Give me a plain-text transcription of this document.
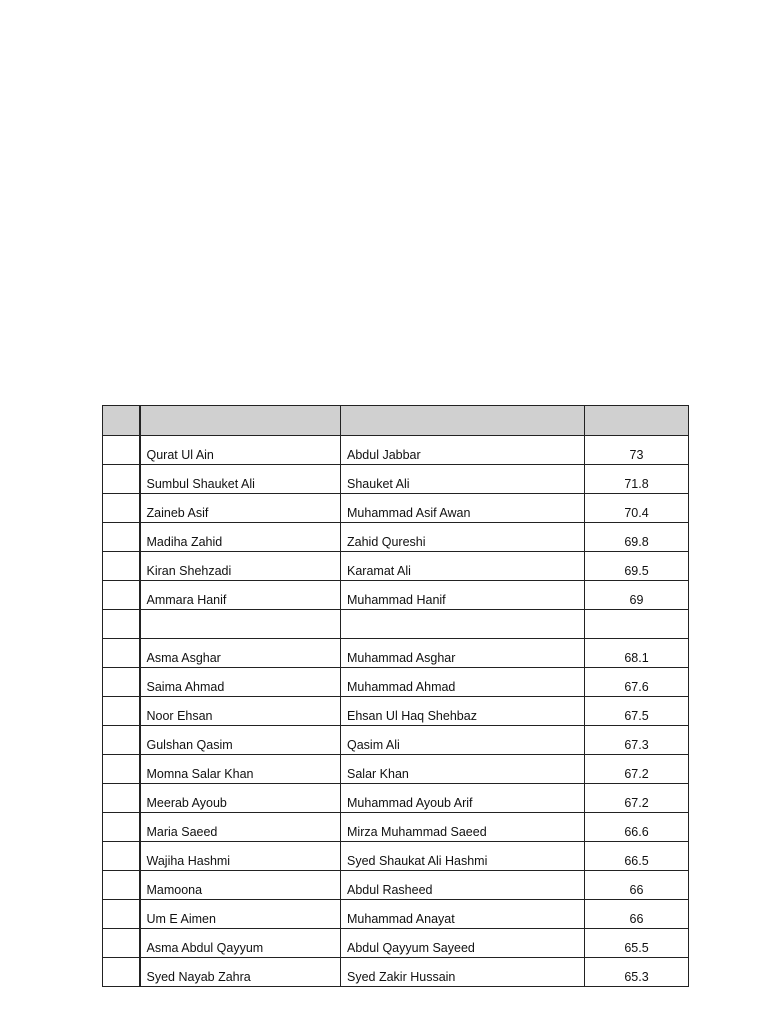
	Qurat Ul Ain	Abdul Jabbar	73
	Sumbul Shauket Ali	Shauket Ali	71.8
	Zaineb Asif	Muhammad Asif Awan	70.4
	Madiha Zahid	Zahid Qureshi	69.8
	Kiran Shehzadi	Karamat Ali	69.5
	Ammara Hanif	Muhammad Hanif	69

	Asma Asghar	Muhammad Asghar	68.1
	Saima Ahmad	Muhammad Ahmad	67.6
	Noor Ehsan	Ehsan Ul Haq Shehbaz	67.5
	Gulshan Qasim	Qasim Ali	67.3
	Momna Salar Khan	Salar Khan	67.2
	Meerab Ayoub	Muhammad Ayoub Arif	67.2
	Maria Saeed	Mirza Muhammad Saeed	66.6
	Wajiha Hashmi	Syed Shaukat Ali Hashmi	66.5
	Mamoona	Abdul Rasheed	66
	Um E Aimen	Muhammad Anayat	66
	Asma Abdul Qayyum	Abdul Qayyum Sayeed	65.5
	Syed Nayab Zahra	Syed Zakir Hussain	65.3
